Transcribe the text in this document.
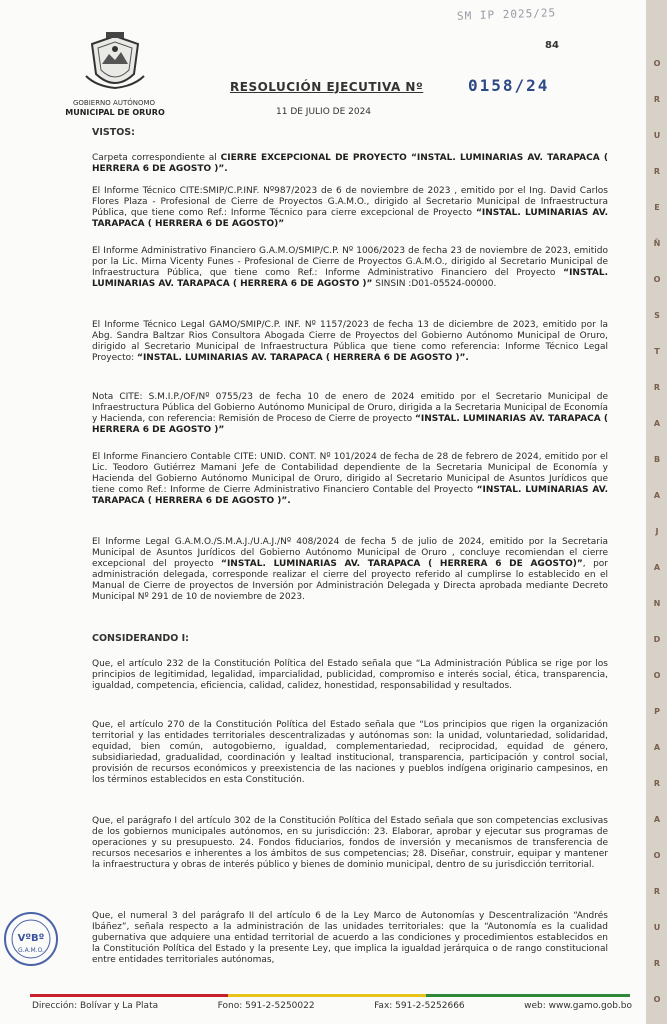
SM IP 2025/25
84
GOBIERNO AUTÓNOMO
MUNICIPAL DE ORURO
RESOLUCIÓN EJECUTIVA Nº	0158/24
11 DE JULIO DE 2024
VISTOS:
Carpeta correspondiente al CIERRE EXCEPCIONAL DE PROYECTO “INSTAL. LUMINARIAS AV. TARAPACA ( HERRERA 6 DE AGOSTO )”.
El Informe Técnico CITE:SMIP/C.P.INF. Nº987/2023 de 6 de noviembre de 2023 , emitido por el Ing. David Carlos Flores Plaza - Profesional de Cierre de Proyectos G.A.M.O., dirigido al Secretario Municipal de Infraestructura Pública, que tiene como Ref.: Informe Técnico para cierre excepcional de Proyecto “INSTAL. LUMINARIAS AV. TARAPACA ( HERRERA 6 DE AGOSTO)”
El Informe Administrativo Financiero G.A.M.O/SMIP/C.P. Nº 1006/2023 de fecha 23 de noviembre de 2023, emitido por la Lic. Mirna Vicenty Funes - Profesional de Cierre de Proyectos G.A.M.O., dirigido al Secretario Municipal de Infraestructura Pública, que tiene como Ref.: Informe Administrativo Financiero del Proyecto “INSTAL. LUMINARIAS AV. TARAPACA ( HERRERA 6 DE AGOSTO )” SINSIN :D01-05524-00000.
El Informe Técnico Legal GAMO/SMIP/C.P. INF. Nº 1157/2023 de fecha 13 de diciembre de 2023, emitido por la Abg. Sandra Baltzar Rios Consultora Abogada Cierre de Proyectos del Gobierno Autónomo Municipal de Oruro, dirigido al Secretario Municipal de Infraestructura Pública que tiene como referencia: Informe Técnico Legal Proyecto: “INSTAL. LUMINARIAS AV. TARAPACA ( HERRERA 6 DE AGOSTO )”.
Nota CITE: S.M.I.P./OF/Nº 0755/23 de fecha 10 de enero de 2024 emitido por el Secretario Municipal de Infraestructura Pública del Gobierno Autónomo Municipal de Oruro, dirigida a la Secretaria Municipal de Economía y Hacienda, con referencia: Remisión de Proceso de Cierre de proyecto “INSTAL. LUMINARIAS AV. TARAPACA ( HERRERA 6 DE AGOSTO )”
El Informe Financiero Contable CITE: UNID. CONT. Nº 101/2024 de fecha de 28 de febrero de 2024, emitido por el Lic. Teodoro Gutiérrez Mamani Jefe de Contabilidad dependiente de la Secretaria Municipal de Economía y Hacienda del Gobierno Autónomo Municipal de Oruro, dirigido al Secretario Municipal de Asuntos Jurídicos que tiene como Ref.: Informe de Cierre Administrativo Financiero Contable del Proyecto “INSTAL. LUMINARIAS AV. TARAPACA ( HERRERA 6 DE AGOSTO )”.
El Informe Legal G.A.M.O./S.M.A.J./U.A.J./Nº 408/2024 de fecha 5 de julio de 2024, emitido por la Secretaria Municipal de Asuntos Jurídicos del Gobierno Autónomo Municipal de Oruro , concluye recomiendan el cierre excepcional del proyecto “INSTAL. LUMINARIAS AV. TARAPACA ( HERRERA 6 DE AGOSTO)”, por administración delegada, corresponde realizar el cierre del proyecto referido al cumplirse lo establecido en el Manual de Cierre de proyectos de Inversión por Administración Delegada y Directa aprobada mediante Decreto Municipal Nº 291 de 10 de noviembre de 2023.
CONSIDERANDO I:
Que, el artículo 232 de la Constitución Política del Estado señala que “La Administración Pública se rige por los principios de legitimidad, legalidad, imparcialidad, publicidad, compromiso e interés social, ética, transparencia, igualdad, competencia, eficiencia, calidad, calidez, honestidad, responsabilidad y resultados.
Que, el artículo 270 de la Constitución Política del Estado señala que “Los principios que rigen la organización territorial y las entidades territoriales descentralizadas y autónomas son: la unidad, voluntariedad, solidaridad, equidad, bien común, autogobierno, igualdad, complementariedad, reciprocidad, equidad de género, subsidiariedad, gradualidad, coordinación y lealtad institucional, transparencia, participación y control social, provisión de recursos económicos y preexistencia de las naciones y pueblos indígena originario campesinos, en los términos establecidos en esta Constitución.
Que, el parágrafo I del artículo 302 de la Constitución Política del Estado señala que son competencias exclusivas de los gobiernos municipales autónomos, en su jurisdicción: 23. Elaborar, aprobar y ejecutar sus programas de operaciones y su presupuesto. 24. Fondos fiduciarios, fondos de inversión y mecanismos de transferencia de recursos necesarios e inherentes a los ámbitos de sus competencias; 28. Diseñar, construir, equipar y mantener la infraestructura y obras de interés público y bienes de dominio municipal, dentro de su jurisdicción territorial.
Que, el numeral 3 del parágrafo II del artículo 6 de la Ley Marco de Autonomías y Descentralización “Andrés Ibáñez”, señala respecto a la administración de las unidades territoriales: que la “Autonomía es la cualidad gubernativa que adquiere una entidad territorial de acuerdo a las condiciones y procedimientos establecidos en la Constitución Política del Estado y la presente Ley, que implica la igualdad jerárquica o de rango constitucional entre entidades territoriales autónomas,
VºBº
G.A.M.O.
O
R
U
R
E
Ñ
O
S
T
R
A
B
A
J
A
N
D
O
P
A
R
A
O
R
U
R
O
Dirección: Bolívar y La Plata	Fono: 591-2-5250022	Fax: 591-2-5252666	web: www.gamo.gob.bo
